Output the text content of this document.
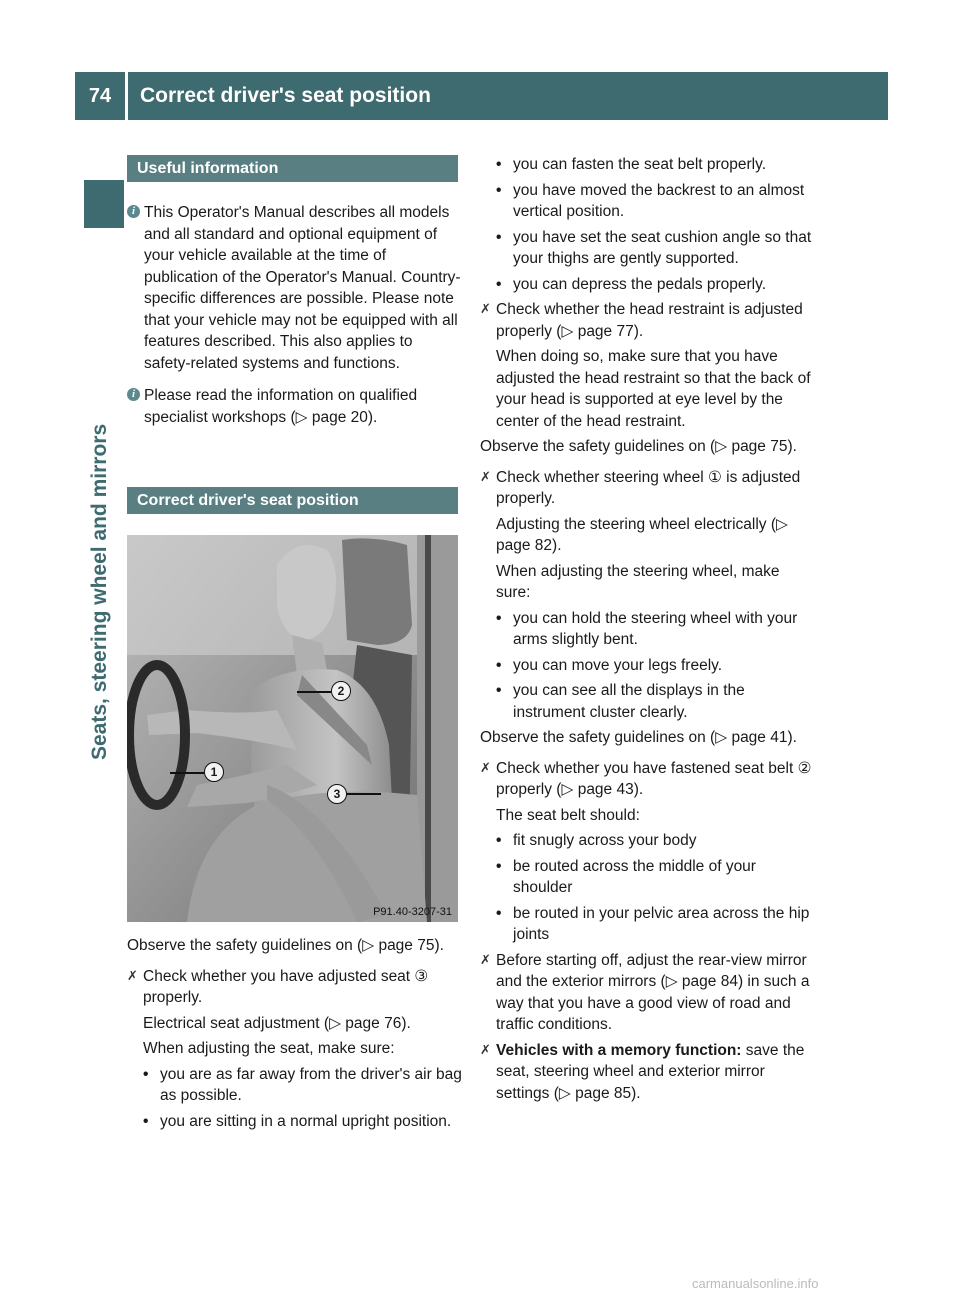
74	Correct driver's seat position
Seats, steering wheel and mirrors
Useful information

i This Operator's Manual describes all models and all standard and optional equipment of your vehicle available at the time of publication of the Operator's Manual. Country-specific differences are possible. Please note that your vehicle may not be equipped with all features described. This also applies to safety-related systems and functions.

i Please read the information on qualified specialist workshops (▷ page 20).

Correct driver's seat position
P91.40-3207-31
2
1
3

Observe the safety guidelines on (▷ page 75).

✗ Check whether you have adjusted seat ③ properly.

Electrical seat adjustment (▷ page 76).

When adjusting the seat, make sure:

• you are as far away from the driver's air bag as possible.

• you are sitting in a normal upright position.

• you can fasten the seat belt properly.

• you have moved the backrest to an almost vertical position.

• you have set the seat cushion angle so that your thighs are gently supported.

• you can depress the pedals properly.

✗ Check whether the head restraint is adjusted properly (▷ page 77).

When doing so, make sure that you have adjusted the head restraint so that the back of your head is supported at eye level by the center of the head restraint.

Observe the safety guidelines on (▷ page 75).

✗ Check whether steering wheel ① is adjusted properly.

Adjusting the steering wheel electrically (▷ page 82).

When adjusting the steering wheel, make sure:

• you can hold the steering wheel with your arms slightly bent.

• you can move your legs freely.

• you can see all the displays in the instrument cluster clearly.

Observe the safety guidelines on (▷ page 41).

✗ Check whether you have fastened seat belt ② properly (▷ page 43).

The seat belt should:

• fit snugly across your body

• be routed across the middle of your shoulder

• be routed in your pelvic area across the hip joints

✗ Before starting off, adjust the rear-view mirror and the exterior mirrors (▷ page 84) in such a way that you have a good view of road and traffic conditions.

✗ Vehicles with a memory function: save the seat, steering wheel and exterior mirror settings (▷ page 85).

carmanualsonline.info
